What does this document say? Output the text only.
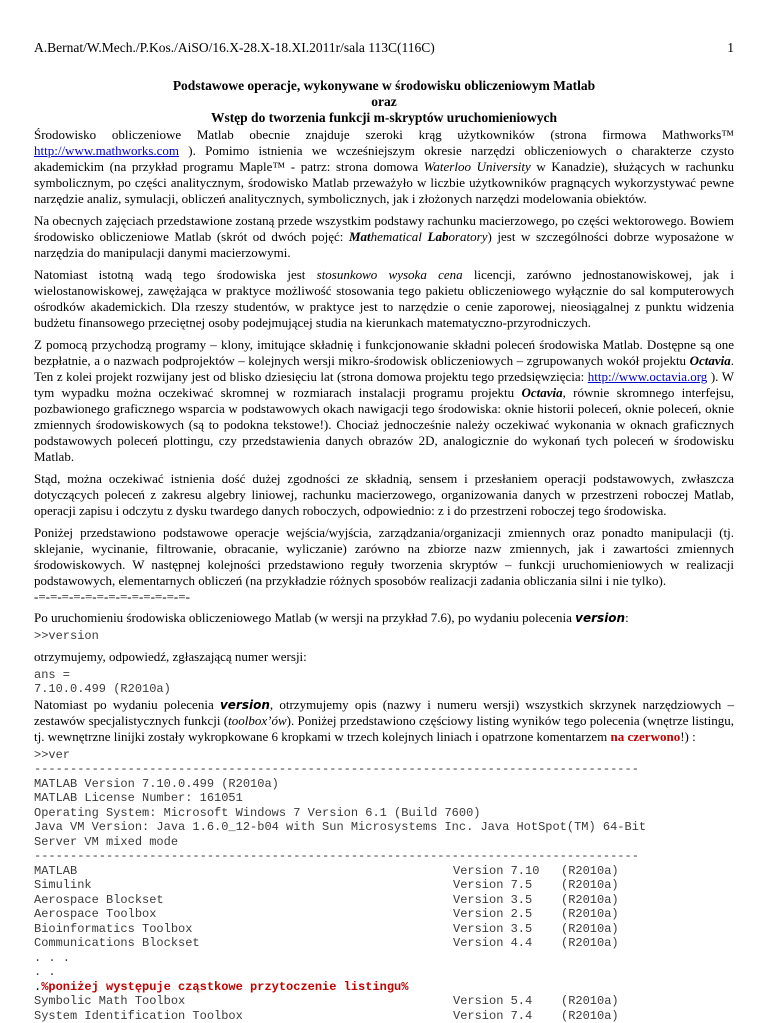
A.Bernat/W.Mech./P.Kos./AiSO/16.X-28.X-18.XI.2011r/sala 113C(116C)	1
Podstawowe operacje, wykonywane w środowisku obliczeniowym Matlab
oraz
Wstęp do tworzenia funkcji m-skryptów uruchomieniowych

Środowisko obliczeniowe Matlab obecnie znajduje szeroki krąg użytkowników (strona firmowa Mathworks™ http://www.mathworks.com ). Pomimo istnienia we wcześniejszym okresie narzędzi obliczeniowych o charakterze czysto akademickim (na przykład programu Maple™ - patrz: strona domowa Waterloo University w Kanadzie), służących w rachunku symbolicznym, po części analitycznym, środowisko Matlab przeważyło w liczbie użytkowników pragnących wykorzystywać pewne narzędzie analiz, symulacji, obliczeń analitycznych, symbolicznych, jak i złożonych narzędzi modelowania obiektów.

Na obecnych zajęciach przedstawione zostaną przede wszystkim podstawy rachunku macierzowego, po części wektorowego. Bowiem środowisko obliczeniowe Matlab (skrót od dwóch pojęć: Mathematical Laboratory) jest w szczególności dobrze wyposażone w narzędzia do manipulacji danymi macierzowymi.

Natomiast istotną wadą tego środowiska jest stosunkowo wysoka cena licencji, zarówno jednostanowiskowej, jak i wielostanowiskowej, zawężająca w praktyce możliwość stosowania tego pakietu obliczeniowego wyłącznie do sal komputerowych ośrodków akademickich. Dla rzeszy studentów, w praktyce jest to narzędzie o cenie zaporowej, nieosiągalnej z punktu widzenia budżetu finansowego przeciętnej osoby podejmującej studia na kierunkach matematyczno-przyrodniczych.

Z pomocą przychodzą programy – klony, imitujące składnię i funkcjonowanie składni poleceń środowiska Matlab. Dostępne są one bezpłatnie, a o nazwach podprojektów – kolejnych wersji mikro-środowisk obliczeniowych – zgrupowanych wokół projektu Octavia. Ten z kolei projekt rozwijany jest od blisko dziesięciu lat (strona domowa projektu tego przedsięwzięcia: http://www.octavia.org ). W tym wypadku można oczekiwać skromnej w rozmiarach instalacji programu projektu Octavia, równie skromnego interfejsu, pozbawionego graficznego wsparcia w podstawowych okach nawigacji tego środowiska: oknie historii poleceń, oknie poleceń, oknie zmiennych środowiskowych (są to podokna tekstowe!). Chociaż jednocześnie należy oczekiwać wykonania w oknach graficznych podstawowych poleceń plottingu, czy przedstawienia danych obrazów 2D, analogicznie do wykonań tych poleceń w środowisku Matlab.

Stąd, można oczekiwać istnienia dość dużej zgodności ze składnią, sensem i przesłaniem operacji podstawowych, zwłaszcza dotyczących poleceń z zakresu algebry liniowej, rachunku macierzowego, organizowania danych w przestrzeni roboczej Matlab, operacji zapisu i odczytu z dysku twardego danych roboczych, odpowiednio: z i do przestrzeni roboczej tego środowiska.

Poniżej przedstawiono podstawowe operacje wejścia/wyjścia, zarządzania/organizacji zmiennych oraz ponadto manipulacji (tj. sklejanie, wycinanie, filtrowanie, obracanie, wyliczanie) zarówno na zbiorze nazw zmiennych, jak i zawartości zmiennych środowiskowych. W następnej kolejności przedstawiono reguły tworzenia skryptów – funkcji uruchomieniowych w realizacji podstawowych, elementarnych obliczeń (na przykładzie różnych sposobów realizacji zadania obliczania silni i nie tylko).

-=-=-=-=-=-=-=-=-=-=-=-=-=-

Po uruchomieniu środowiska obliczeniowego Matlab (w wersji na przykład 7.6), po wydaniu polecenia version:

>>version

otrzymujemy, odpowiedź, zgłaszającą numer wersji:

ans =
7.10.0.499 (R2010a)

Natomiast po wydaniu polecenia version, otrzymujemy opis (nazwy i numeru wersji) wszystkich skrzynek narzędziowych – zestawów specjalistycznych funkcji (toolbox’ów). Poniżej przedstawiono częściowy listing wyników tego polecenia (wnętrze listingu, tj. wewnętrzne linijki zostały wykropkowane 6 kropkami w trzech kolejnych liniach i opatrzone komentarzem na czerwono!) :

>>ver
------------------------------------------------------------------------------------
MATLAB Version 7.10.0.499 (R2010a)
MATLAB License Number: 161051
Operating System: Microsoft Windows 7 Version 6.1 (Build 7600)
Java VM Version: Java 1.6.0_12-b04 with Sun Microsystems Inc. Java HotSpot(TM) 64-Bit
Server VM mixed mode
------------------------------------------------------------------------------------
MATLAB	Version 7.10	(R2010a)
Simulink	Version 7.5	(R2010a)
Aerospace Blockset	Version 3.5	(R2010a)
Aerospace Toolbox	Version 2.5	(R2010a)
Bioinformatics Toolbox	Version 3.5	(R2010a)
Communications Blockset	Version 4.4	(R2010a)
. . .
. .
.%poniżej występuje cząstkowe przytoczenie listingu%
Symbolic Math Toolbox	Version 5.4	(R2010a)
System Identification Toolbox	Version 7.4	(R2010a)
